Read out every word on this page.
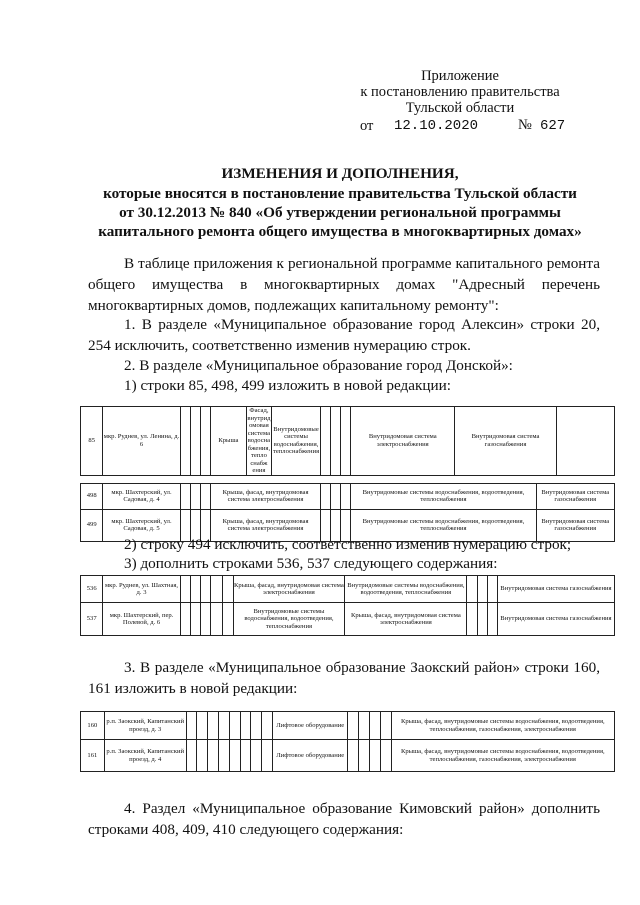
Приложение
к постановлению правительства
Тульской области
от 12.10.2020	№ 627
ИЗМЕНЕНИЯ И ДОПОЛНЕНИЯ,
которые вносятся в постановление правительства Тульской области
от 30.12.2013 № 840 «Об утверждении региональной программы
капитального ремонта общего имущества в многоквартирных домах»
В таблице приложения к региональной программе капитального ремонта общего имущества в многоквартирных домах "Адресный перечень многоквартирных домов, подлежащих капитальному ремонту":
1. В разделе «Муниципальное образование город Алексин» строки 20, 254 исключить, соответственно изменив нумерацию строк.
2. В разделе «Муниципальное образование город Донской»:
1) строки 85, 498, 499 изложить в новой редакции:
85	мкр. Руднев, ул. Ленина, д. 6				Крыша	Фасад, внутрид омовая система водосна бжения, тепло снабж ения	Внутридомовые системы водоснабжения, теплоснабжения				Внутридомовая система электроснабжения	Внутридомовая система газоснабжения		

498	мкр. Шахтерский, ул. Садовая, д. 4				Крыша, фасад, внутридомовая система электроснабжения						Внутридомовые системы водоснабжения, водоотведения, теплоснабжения		Внутридомовая система газоснабжения	
499	мкр. Шахтерский, ул. Садовая, д. 5				Крыша, фасад, внутридомовая система электроснабжения						Внутридомовые системы водоснабжения, водоотведения, теплоснабжения		Внутридомовая система газоснабжения	
2) строку 494 исключить, соответственно изменив нумерацию строк;
3) дополнить строками 536, 537 следующего содержания:
536	мкр. Руднев, ул. Шахтная, д. 3						Крыша, фасад, внутридомовая система электроснабжения	Внутридомовые системы водоснабжения, водоотведения, теплоснабжения				Внутридомовая система газоснабжения
537	мкр. Шахтерский, пер. Полевой, д. 6						Внутридомовые системы водоснабжения, водоотведения, теплоснабжения	Крыша, фасад, внутридомовая система электроснабжения				Внутридомовая система газоснабжения
3. В разделе «Муниципальное образование Заокский район» строки 160, 161 изложить в новой редакции:
160	р.п. Заокский, Капитанский проезд, д. 3									Лифтовое оборудование					Крыша, фасад, внутридомовые системы водоснабжения, водоотведения, теплоснабжения, газоснабжения, электроснабжения
161	р.п. Заокский, Капитанский проезд, д. 4									Лифтовое оборудование					Крыша, фасад, внутридомовые системы водоснабжения, водоотведения, теплоснабжения, газоснабжения, электроснабжения
4. Раздел «Муниципальное образование Кимовский район» дополнить строками 408, 409, 410 следующего содержания:
